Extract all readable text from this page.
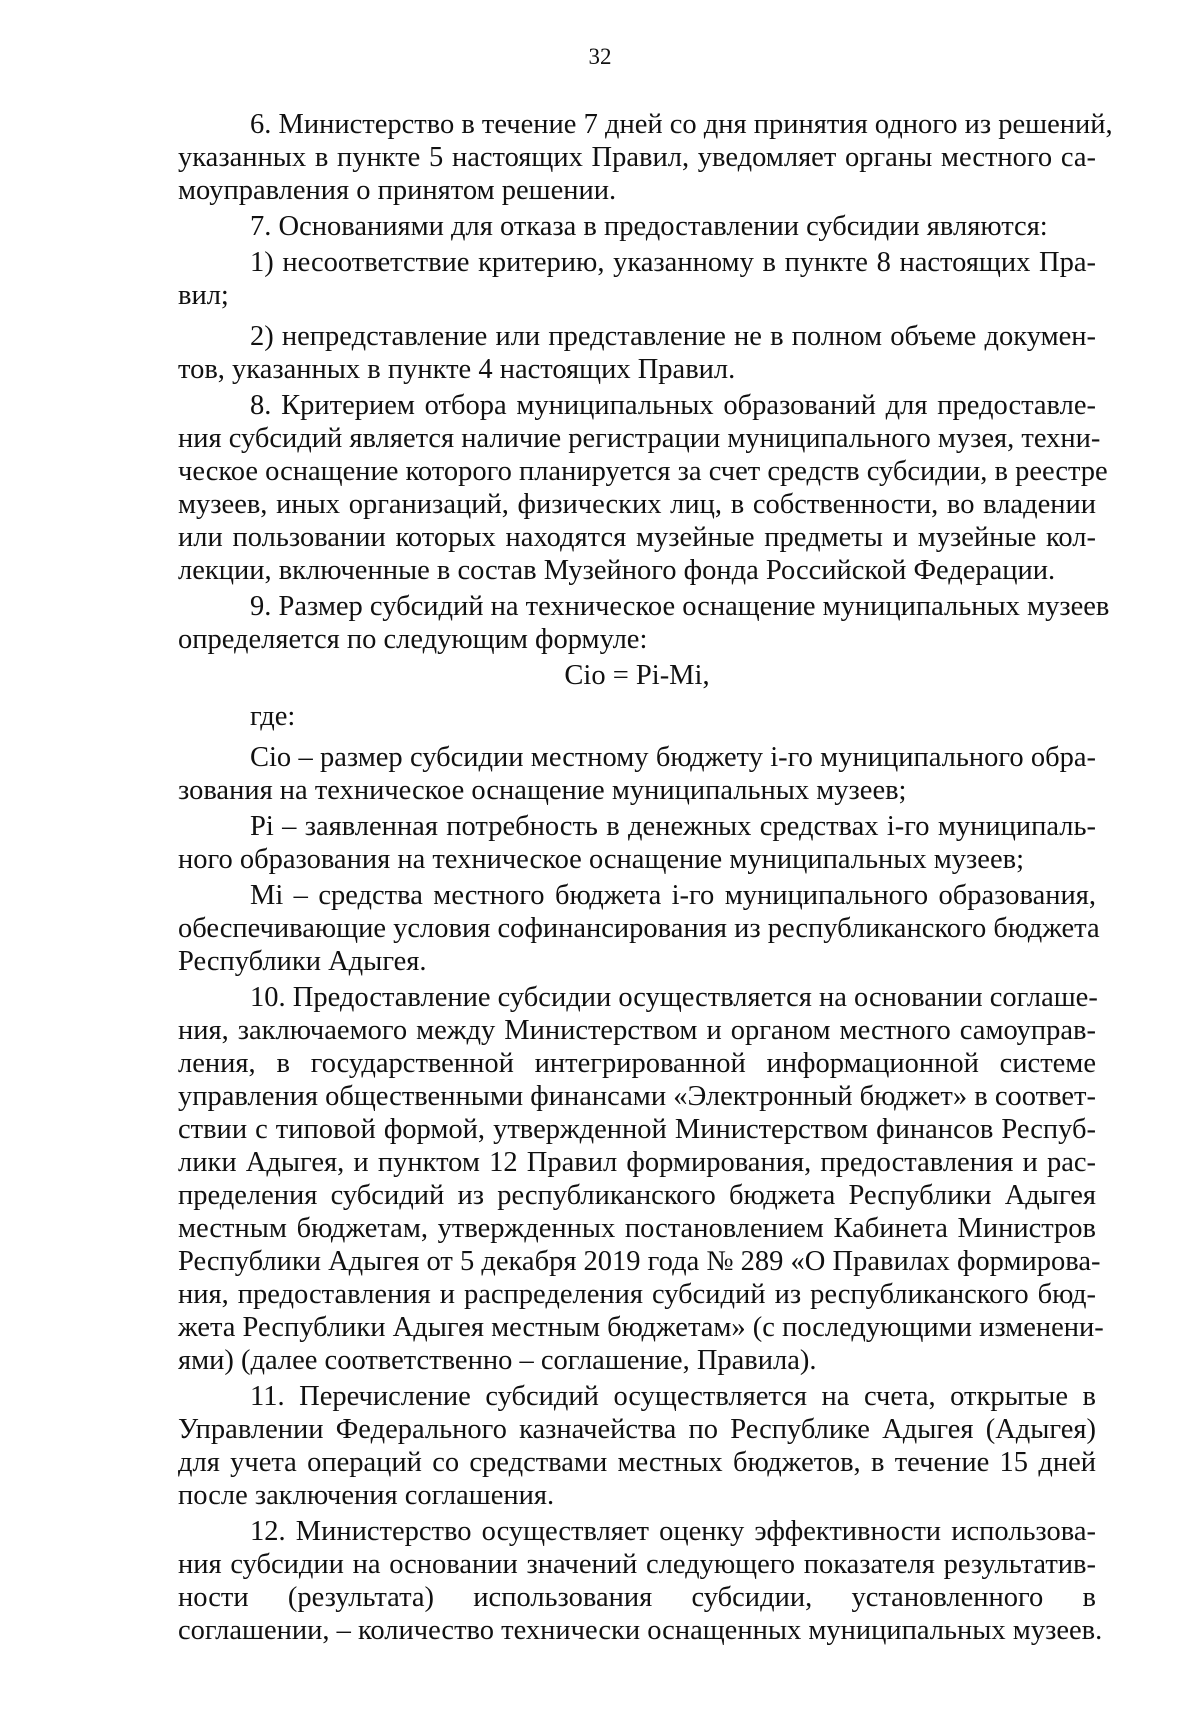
32
6. Министерство в течение 7 дней со дня принятия одного из решений,
указанных в пункте 5 настоящих Правил, уведомляет органы местного са-
моуправления о принятом решении.
7. Основаниями для отказа в предоставлении субсидии являются:
1) несоответствие критерию, указанному в пункте 8 настоящих Пра-
вил;
2) непредставление или представление не в полном объеме докумен-
тов, указанных в пункте 4 настоящих Правил.
8. Критерием отбора муниципальных образований для предоставле-
ния субсидий является наличие регистрации муниципального музея, техни-
ческое оснащение которого планируется за счет средств субсидии, в реестре
музеев, иных организаций, физических лиц, в собственности, во владении
или пользовании которых находятся музейные предметы и музейные кол-
лекции, включенные в состав Музейного фонда Российской Федерации.
9. Размер субсидий на техническое оснащение муниципальных музеев
определяется по следующим формуле:
Сio = Pi-Mi,
где:
Сio – размер субсидии местному бюджету i-го муниципального обра-
зования на техническое оснащение муниципальных музеев;
Pi – заявленная потребность в денежных средствах i-го муниципаль-
ного образования на техническое оснащение муниципальных музеев;
Mi – средства местного бюджета i-го муниципального образования,
обеспечивающие условия софинансирования из республиканского бюджета
Республики Адыгея.
10. Предоставление субсидии осуществляется на основании соглаше-
ния, заключаемого между Министерством и органом местного самоуправ-
ления, в государственной интегрированной информационной системе
управления общественными финансами «Электронный бюджет» в соответ-
ствии с типовой формой, утвержденной Министерством финансов Респуб-
лики Адыгея, и пунктом 12 Правил формирования, предоставления и рас-
пределения субсидий из республиканского бюджета Республики Адыгея
местным бюджетам, утвержденных постановлением Кабинета Министров
Республики Адыгея от 5 декабря 2019 года № 289 «О Правилах формирова-
ния, предоставления и распределения субсидий из республиканского бюд-
жета Республики Адыгея местным бюджетам» (с последующими изменени-
ями) (далее соответственно – соглашение, Правила).
11. Перечисление субсидий осуществляется на счета, открытые в
Управлении Федерального казначейства по Республике Адыгея (Адыгея)
для учета операций со средствами местных бюджетов, в течение 15 дней
после заключения соглашения.
12. Министерство осуществляет оценку эффективности использова-
ния субсидии на основании значений следующего показателя результатив-
ности (результата) использования субсидии, установленного в
соглашении, – количество технически оснащенных муниципальных музеев.
